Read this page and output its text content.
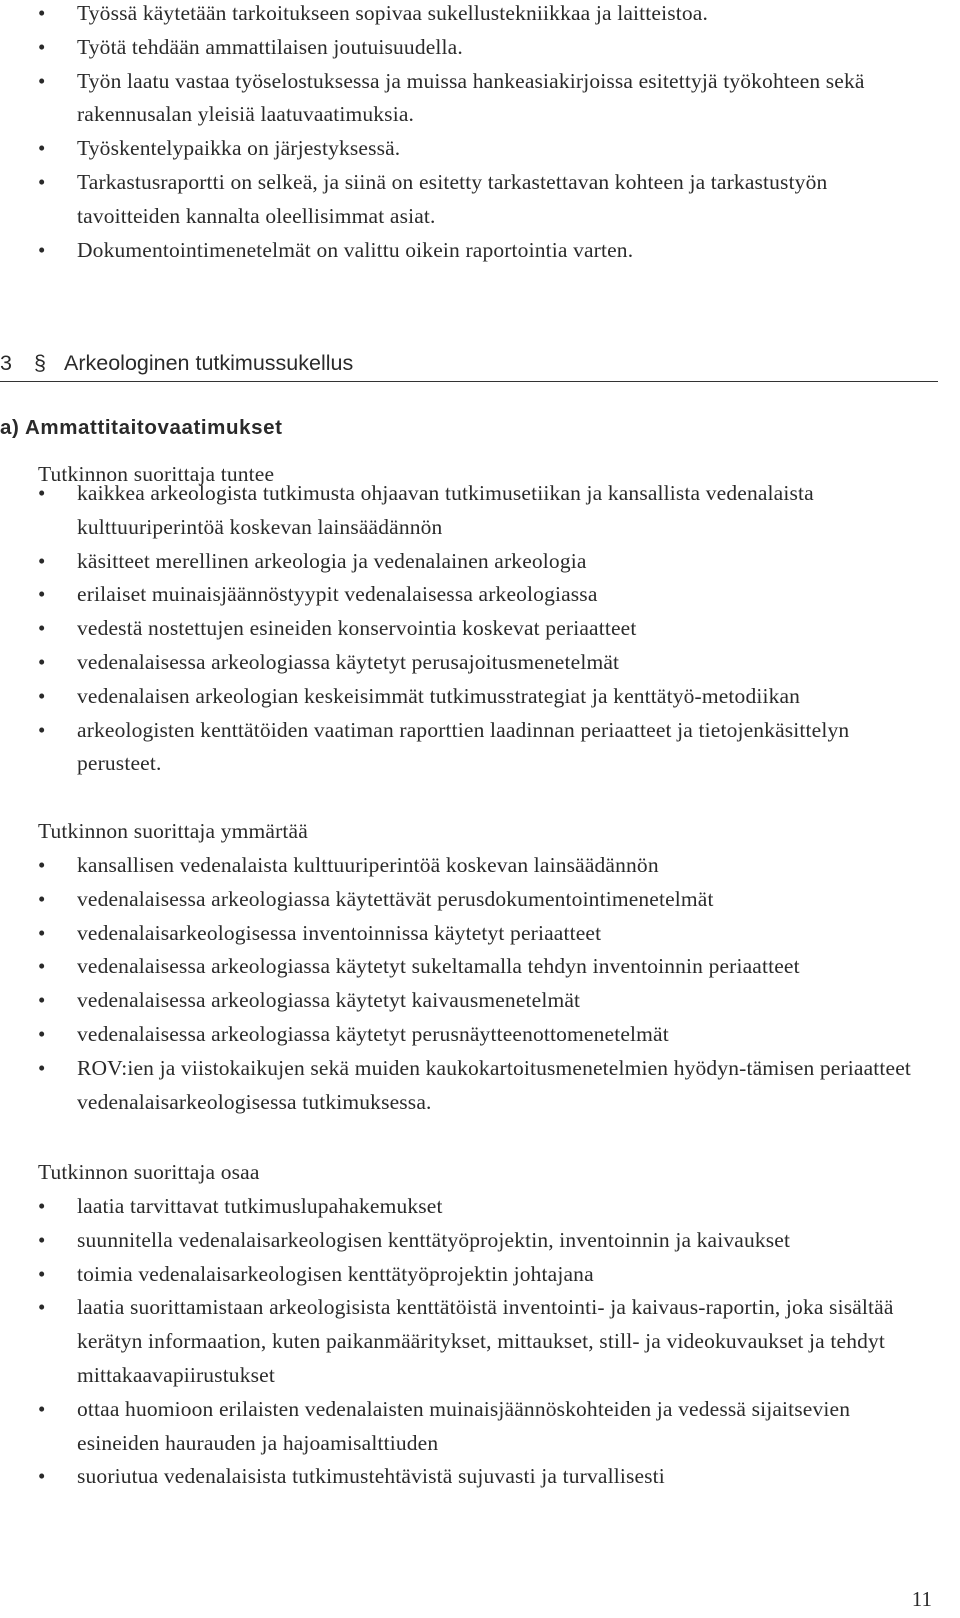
• Työssä käytetään tarkoitukseen sopivaa sukellustekniikkaa ja laitteistoa.
• Työtä tehdään ammattilaisen joutuisuudella.
• Työn laatu vastaa työselostuksessa ja muissa hankeasiakirjoissa esitettyjä työkohteen sekä rakennusalan yleisiä laatuvaatimuksia.
• Työskentelypaikka on järjestyksessä.
• Tarkastusraportti on selkeä, ja siinä on esitetty tarkastettavan kohteen ja tarkastustyön tavoitteiden kannalta oleellisimmat asiat.
• Dokumentointimenetelmät on valittu oikein raportointia varten.
3 § Arkeologinen tutkimussukellus
a) Ammattitaitovaatimukset
Tutkinnon suorittaja tuntee
• kaikkea arkeologista tutkimusta ohjaavan tutkimusetiikan ja kansallista vedenalaista kulttuuriperintöä koskevan lainsäädännön
• käsitteet merellinen arkeologia ja vedenalainen arkeologia
• erilaiset muinaisjäännöstyypit vedenalaisessa arkeologiassa
• vedestä nostettujen esineiden konservointia koskevat periaatteet
• vedenalaisessa arkeologiassa käytetyt perusajoitusmenetelmät
• vedenalaisen arkeologian keskeisimmät tutkimusstrategiat ja kenttätyö-metodiikan
• arkeologisten kenttätöiden vaatiman raporttien laadinnan periaatteet ja tietojenkäsittelyn perusteet.
Tutkinnon suorittaja ymmärtää
• kansallisen vedenalaista kulttuuriperintöä koskevan lainsäädännön
• vedenalaisessa arkeologiassa käytettävät perusdokumentointimenetelmät
• vedenalaisarkeologisessa inventoinnissa käytetyt periaatteet
• vedenalaisessa arkeologiassa käytetyt sukeltamalla tehdyn inventoinnin periaatteet
• vedenalaisessa arkeologiassa käytetyt kaivausmenetelmät
• vedenalaisessa arkeologiassa käytetyt perusnäytteenottomenetelmät
• ROV:ien ja viistokaikujen sekä muiden kaukokartoitusmenetelmien hyödyn-tämisen periaatteet vedenalaisarkeologisessa tutkimuksessa.
Tutkinnon suorittaja osaa
• laatia tarvittavat tutkimuslupahakemukset
• suunnitella vedenalaisarkeologisen kenttätyöprojektin, inventoinnin ja kaivaukset
• toimia vedenalaisarkeologisen kenttätyöprojektin johtajana
• laatia suorittamistaan arkeologisista kenttätöistä inventointi- ja kaivaus-raportin, joka sisältää kerätyn informaation, kuten paikanmääritykset, mittaukset, still- ja videokuvaukset ja tehdyt mittakaavapiirustukset
• ottaa huomioon erilaisten vedenalaisten muinaisjäännöskohteiden ja vedessä sijaitsevien esineiden haurauden ja hajoamisalttiuden
• suoriutua vedenalaisista tutkimustehtävistä sujuvasti ja turvallisesti
11
